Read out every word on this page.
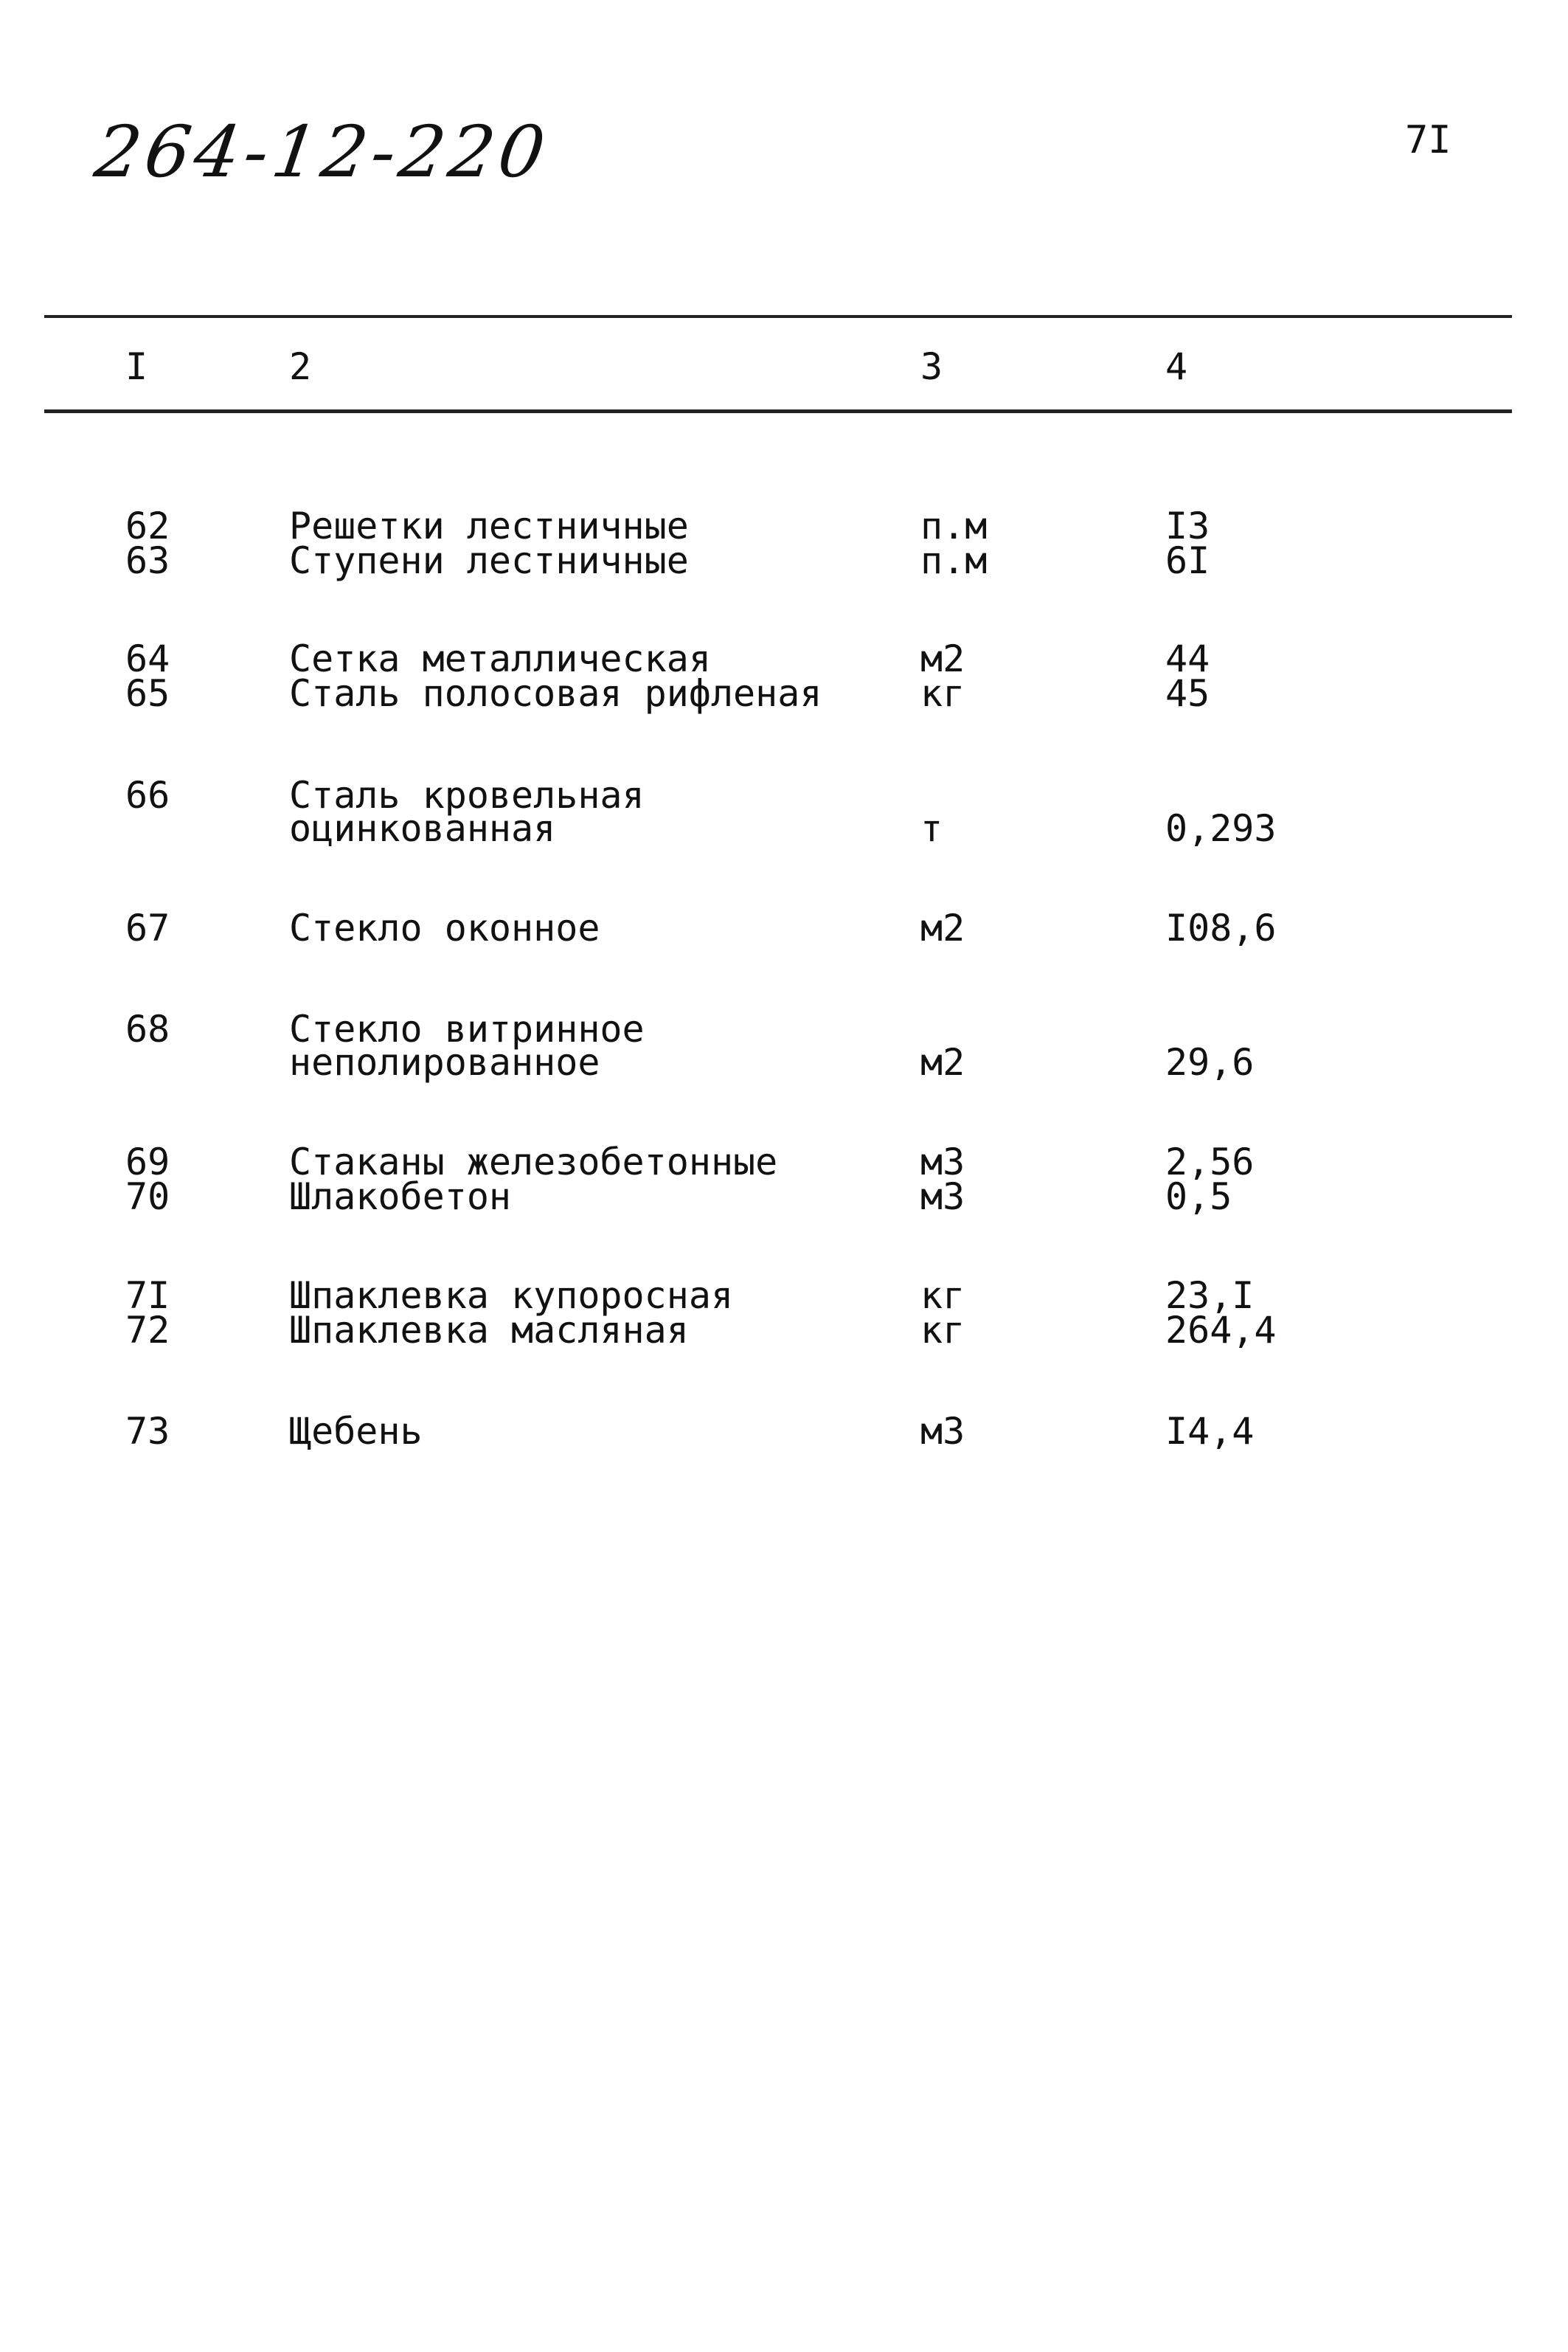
264-12-220	7I
I	2	3	4
62	Решетки лестничные	п.м	I3
63	Ступени лестничные	п.м	6I
64	Сетка металлическая	м2	44
65	Сталь полосовая рифленая	кг	45
66	Сталь кровельная
оцинкованная	т	0,293
67	Стекло оконное	м2	I08,6
68	Стекло витринное
неполированное	м2	29,6
69	Стаканы железобетонные	м3	2,56
70	Шлакобетон	м3	0,5
7I	Шпаклевка купоросная	кг	23,I
72	Шпаклевка масляная	кг	264,4
73	Щебень	м3	I4,4
